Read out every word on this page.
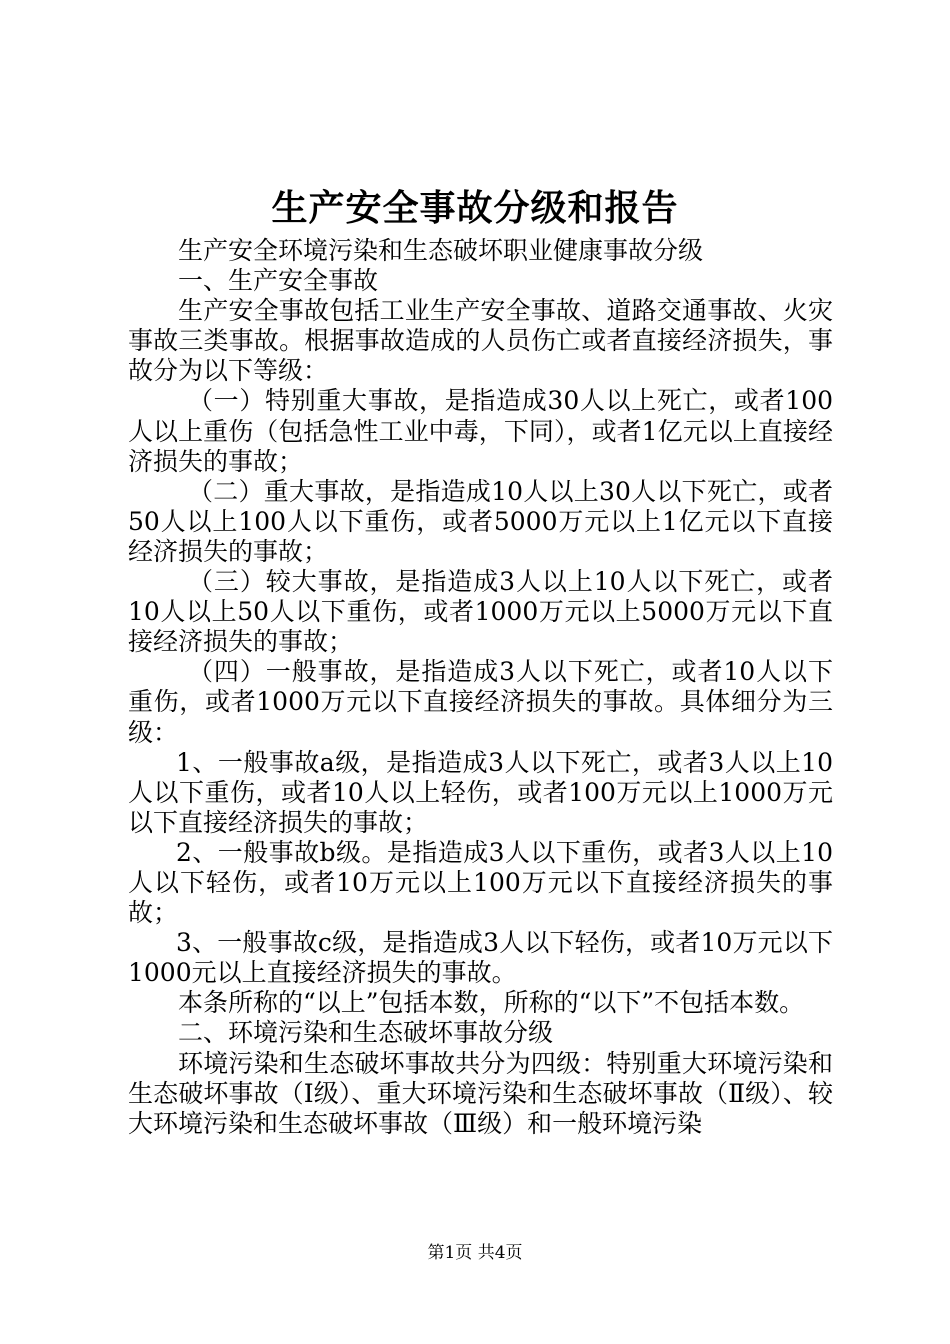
生产安全事故分级和报告

生产安全环境污染和生态破坏职业健康事故分级

一、生产安全事故

生产安全事故包括工业生产安全事故、道路交通事故、火灾事故三类事故。根据事故造成的人员伤亡或者直接经济损失，事故分为以下等级：

（一）特别重大事故，是指造成30人以上死亡，或者100人以上重伤（包括急性工业中毒，下同），或者1亿元以上直接经济损失的事故；

（二）重大事故，是指造成10人以上30人以下死亡，或者50人以上100人以下重伤，或者5000万元以上1亿元以下直接经济损失的事故；

（三）较大事故，是指造成3人以上10人以下死亡，或者10人以上50人以下重伤，或者1000万元以上5000万元以下直接经济损失的事故；

（四）一般事故，是指造成3人以下死亡，或者10人以下重伤，或者1000万元以下直接经济损失的事故。具体细分为三级：

1、一般事故a级，是指造成3人以下死亡，或者3人以上10人以下重伤，或者10人以上轻伤，或者100万元以上1000万元以下直接经济损失的事故；

2、一般事故b级。是指造成3人以下重伤，或者3人以上10人以下轻伤，或者10万元以上100万元以下直接经济损失的事故；

3、一般事故c级，是指造成3人以下轻伤，或者10万元以下1000元以上直接经济损失的事故。

本条所称的“以上”包括本数，所称的“以下”不包括本数。

二、环境污染和生态破坏事故分级

环境污染和生态破坏事故共分为四级：特别重大环境污染和生态破坏事故（Ⅰ级）、重大环境污染和生态破坏事故（Ⅱ级）、较大环境污染和生态破坏事故（Ⅲ级）和一般环境污染

第1页 共4页
